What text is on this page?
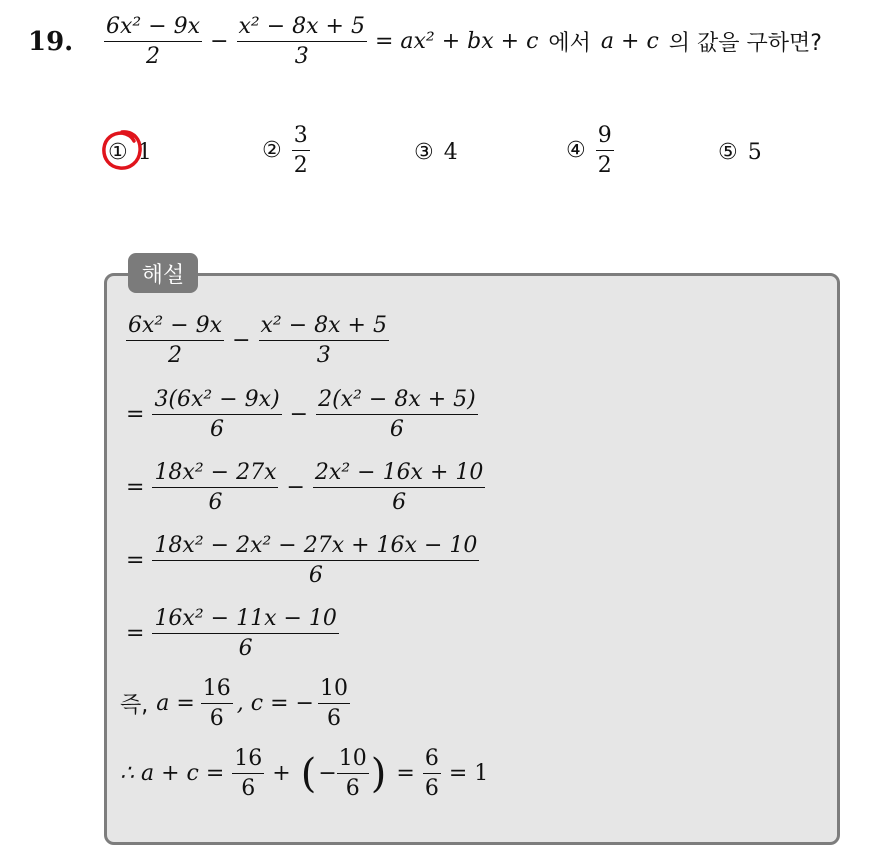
19. $\frac{\text{6x² − 9x}}{2} - \frac{\text{x² − 8x + 5}}{3} = ax^2$ + bx + c 에서 a + c 의 값을 구하면?
① 1	② $\frac{3}{2}$	③ 4	④ $\frac{9}{2}$	⑤ 5
해설
$\frac{\text{6x² − 9x}}{2} - \frac{\text{x² − 8x + 5}}{3}$
= $\frac{\text{3(6x² − 9x)}}{6} - \frac{\text{2(x² − 8x + 5)}}{6}$
= $\frac{\text{18x² − 27x}}{6} - \frac{\text{2x² − 16x + 10}}{6}$
= $\frac{\text{18x² − 2x² − 27x + 16x − 10}}{6}$
= $\frac{\text{16x² − 11x − 10}}{6}$
즉, $a = \frac{16}{6}$ , c = − $\frac{10}{6}$
∴ $a + c = \frac{16}{6}$ + ( − $\frac{10}{6}$ ) = $\frac{6}{6} = 1$
